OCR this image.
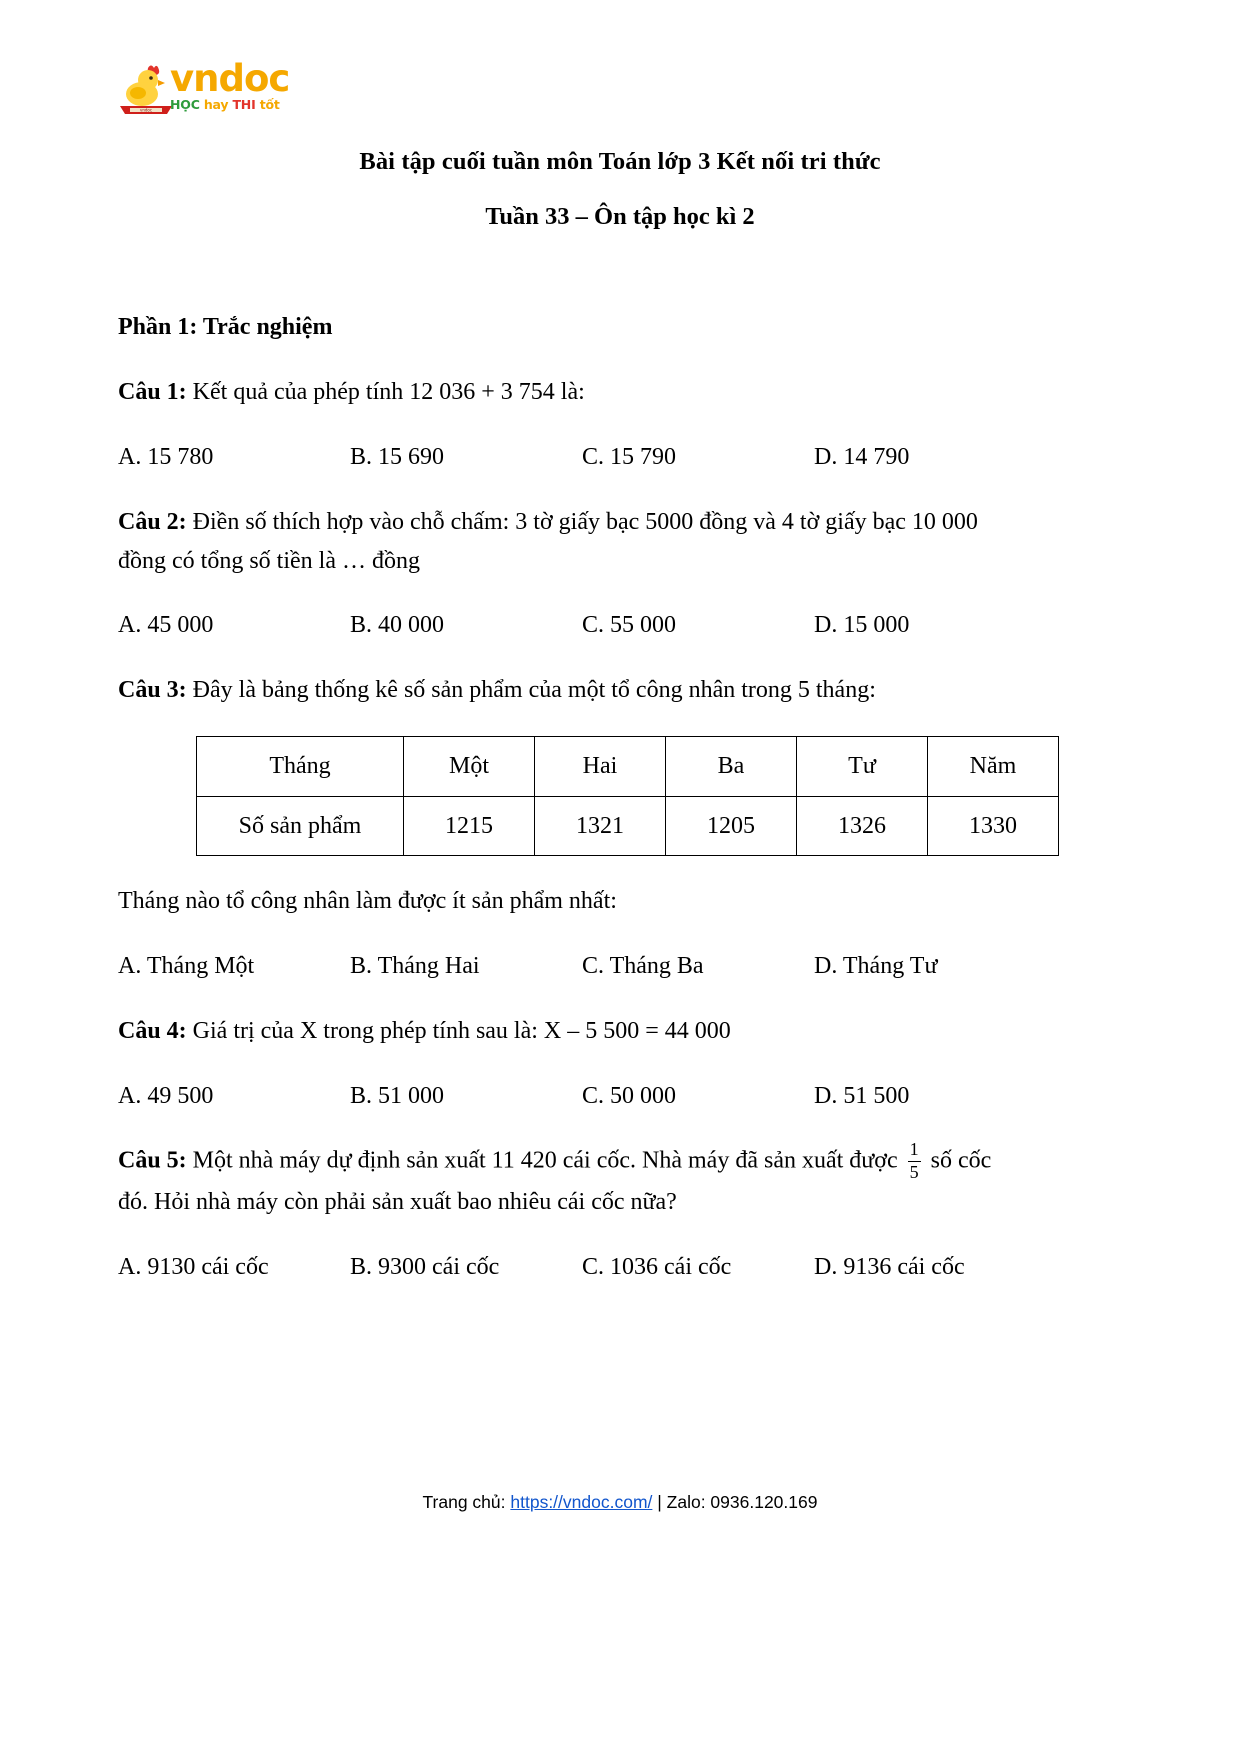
vndoc
vndoc
HỌC hay THI tốt
Bài tập cuối tuần môn Toán lớp 3 Kết nối tri thức
Tuần 33 – Ôn tập học kì 2
Phần 1: Trắc nghiệm
Câu 1: Kết quả của phép tính 12 036 + 3 754 là:
A. 15 780	B. 15 690	C. 15 790	D. 14 790
Câu 2: Điền số thích hợp vào chỗ chấm: 3 tờ giấy bạc 5000 đồng và 4 tờ giấy bạc 10 000 đồng có tổng số tiền là … đồng
A. 45 000	B. 40 000	C. 55 000	D. 15 000
Câu 3: Đây là bảng thống kê số sản phẩm của một tổ công nhân trong 5 tháng:
Tháng	Một	Hai	Ba	Tư	Năm
Số sản phẩm	1215	1321	1205	1326	1330
Tháng nào tổ công nhân làm được ít sản phẩm nhất:
A. Tháng Một	B. Tháng Hai	C. Tháng Ba	D. Tháng Tư
Câu 4: Giá trị của X trong phép tính sau là: X – 5 500 = 44 000
A. 49 500	B. 51 000	C. 50 000	D. 51 500
Câu 5: Một nhà máy dự định sản xuất 11 420 cái cốc. Nhà máy đã sản xuất được $\frac{1}{5}$ số cốc đó. Hỏi nhà máy còn phải sản xuất bao nhiêu cái cốc nữa?
A. 9130 cái cốc	B. 9300 cái cốc	C. 1036 cái cốc	D. 9136 cái cốc
Trang chủ: https://vndoc.com/ | Zalo: 0936.120.169
